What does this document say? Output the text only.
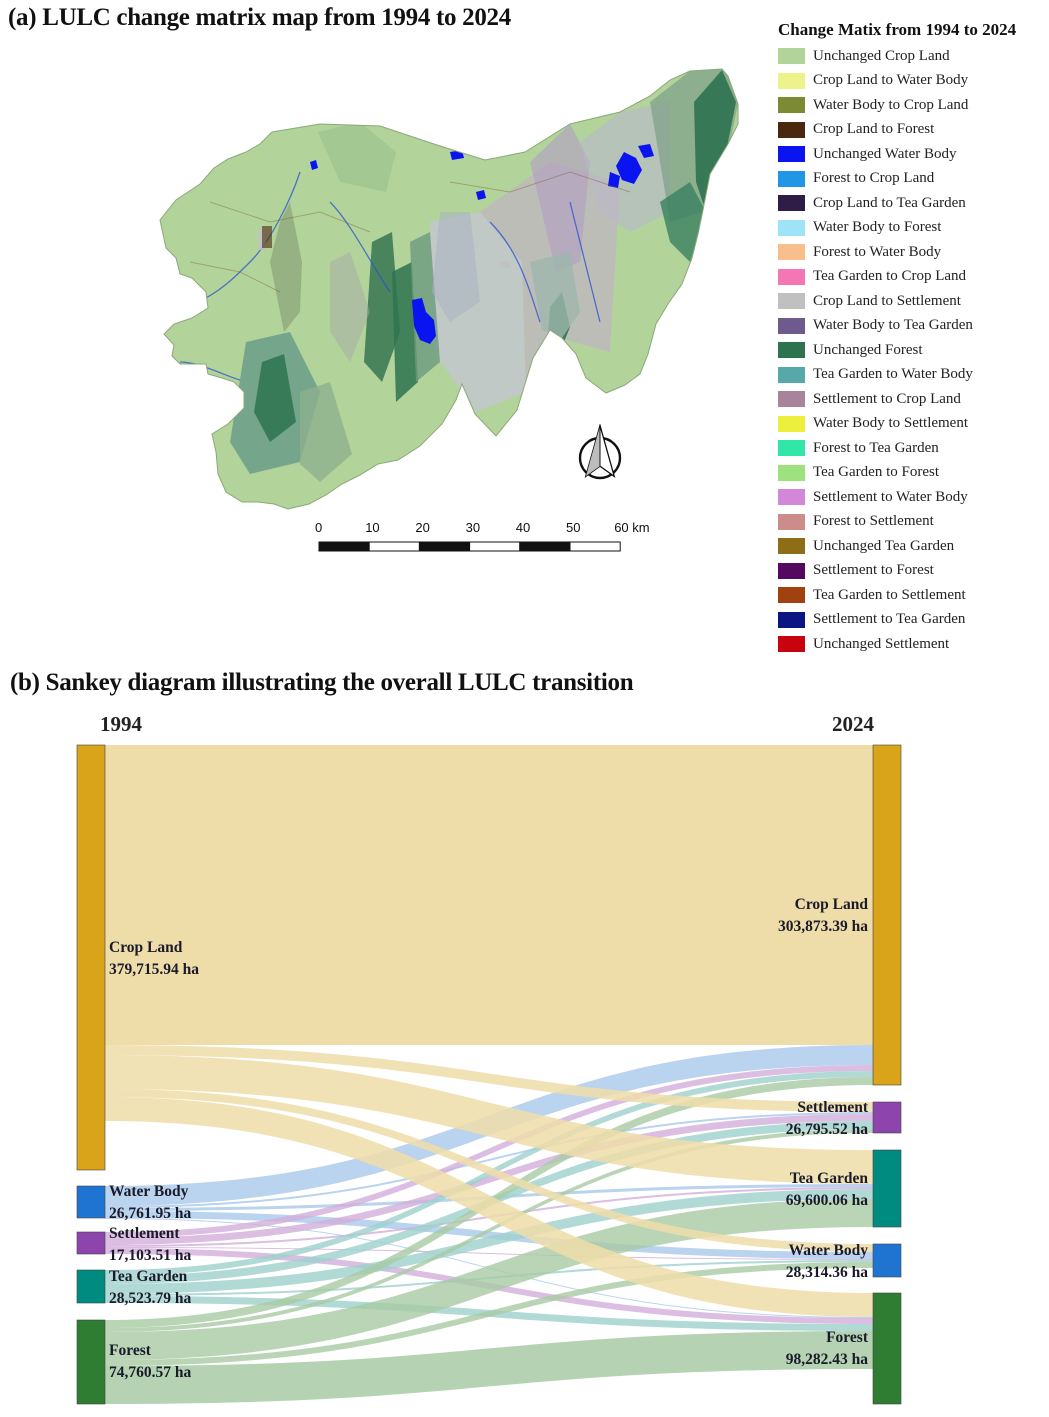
(a) LULC change matrix map from 1994 to 2024
0	10	20	30	40	50	60 km
Change Matix from 1994 to 2024
Unchanged Crop Land
Crop Land to Water Body
Water Body to Crop Land
Crop Land to Forest
Unchanged Water Body
Forest to Crop Land
Crop Land to Tea Garden
Water Body to Forest
Forest to Water Body
Tea Garden to Crop Land
Crop Land to Settlement
Water Body to Tea Garden
Unchanged Forest
Tea Garden to Water Body
Settlement to Crop Land
Water Body to Settlement
Forest to Tea Garden
Tea Garden to Forest
Settlement to Water Body
Forest to Settlement
Unchanged Tea Garden
Settlement to Forest
Tea Garden to Settlement
Settlement to Tea Garden
Unchanged Settlement
(b) Sankey diagram illustrating the overall LULC transition
1994	2024
Crop Land
379,715.94 ha
Water Body
26,761.95 ha
Settlement
17,103.51 ha
Tea Garden
28,523.79 ha
Forest
74,760.57 ha
Crop Land
303,873.39 ha
Settlement
26,795.52 ha
Tea Garden
69,600.06 ha
Water Body
28,314.36 ha
Forest
98,282.43 ha
